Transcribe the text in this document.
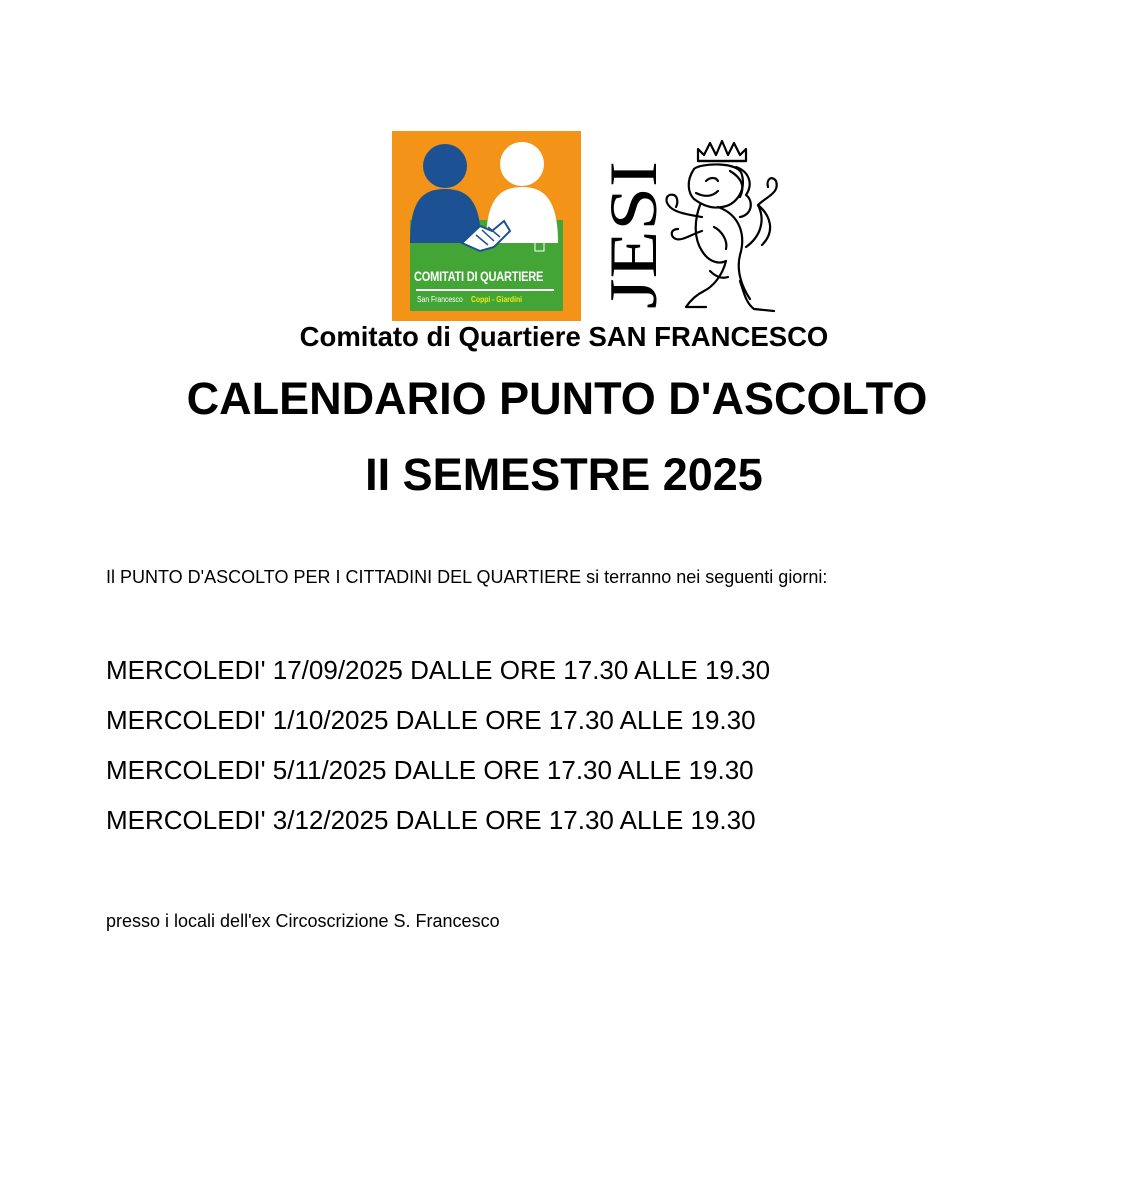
COMITATI DI QUARTIERE
San Francesco Coppi - Giardini JESI
Comitato di Quartiere SAN FRANCESCO
CALENDARIO PUNTO D'ASCOLTO
II SEMESTRE 2025
Il PUNTO D'ASCOLTO PER I CITTADINI DEL QUARTIERE si terranno nei seguenti giorni:
MERCOLEDI' 17/09/2025 DALLE ORE 17.30 ALLE 19.30
MERCOLEDI' 1/10/2025 DALLE ORE 17.30 ALLE 19.30
MERCOLEDI' 5/11/2025 DALLE ORE 17.30 ALLE 19.30
MERCOLEDI' 3/12/2025 DALLE ORE 17.30 ALLE 19.30
presso i locali dell'ex Circoscrizione S. Francesco
